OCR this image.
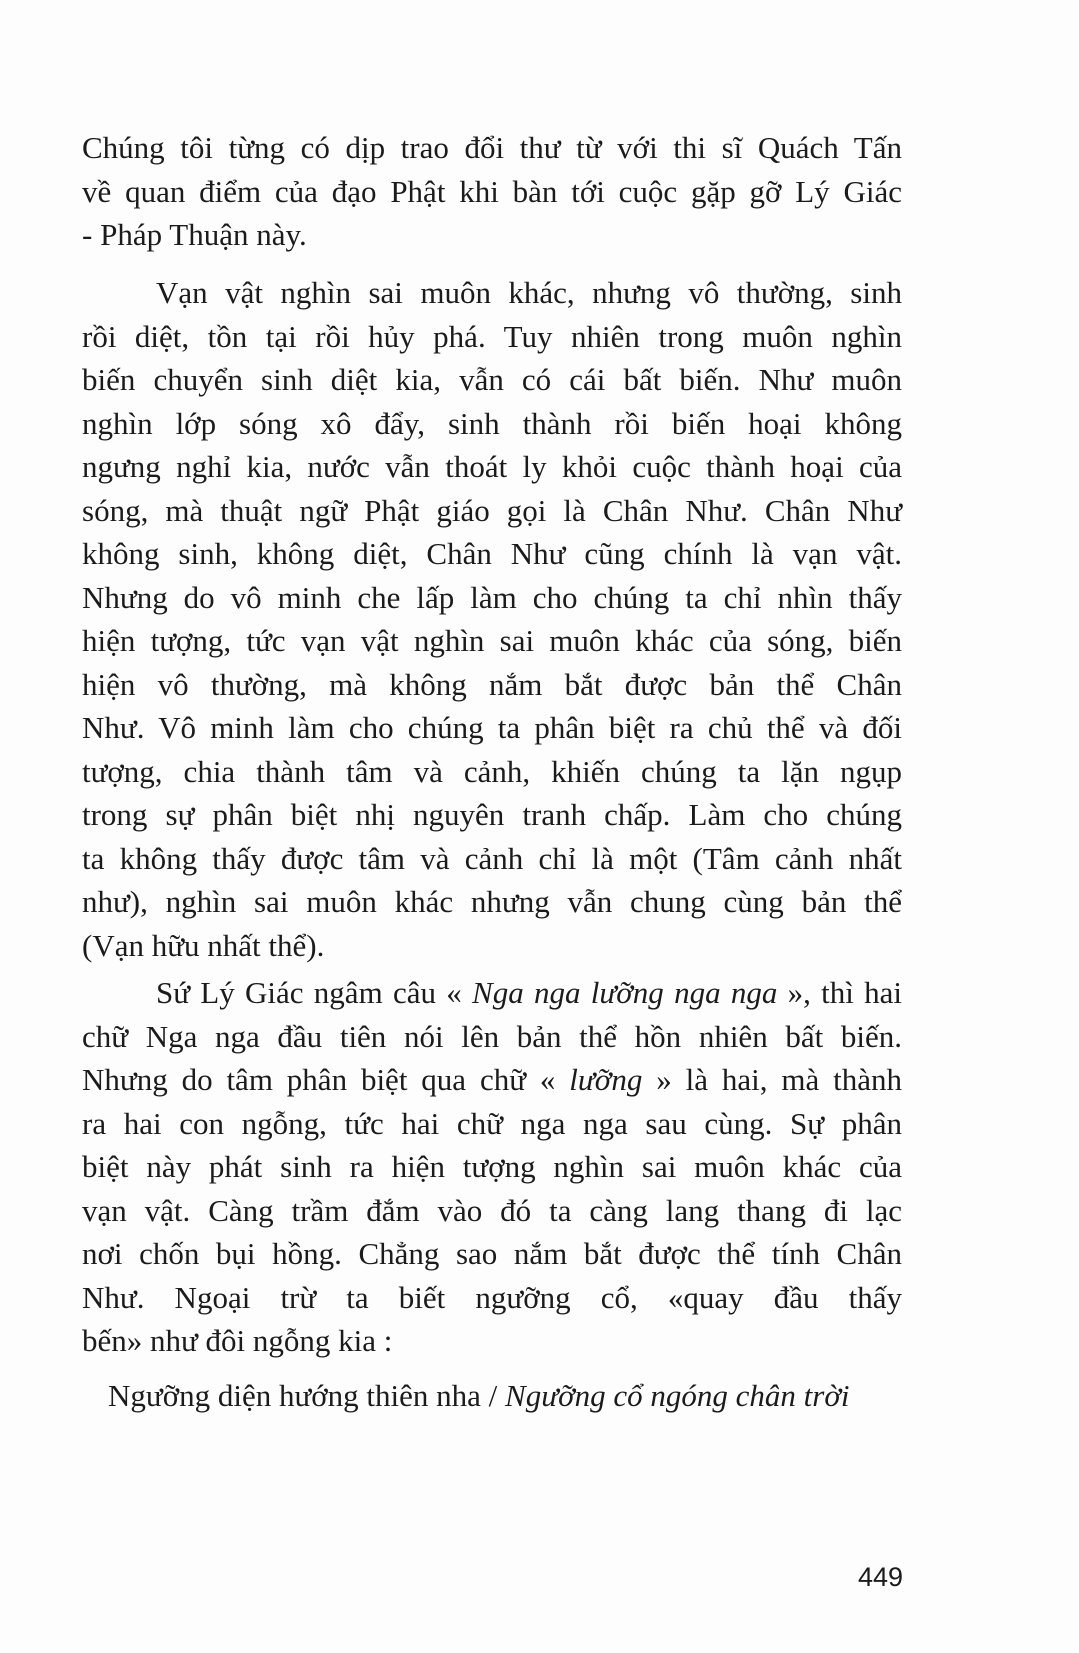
Chúng tôi từng có dịp trao đổi thư từ với thi sĩ Quách Tấn
về quan điểm của đạo Phật khi bàn tới cuộc gặp gỡ Lý Giác
- Pháp Thuận này.
Vạn vật nghìn sai muôn khác, nhưng vô thường, sinh
rồi diệt, tồn tại rồi hủy phá. Tuy nhiên trong muôn nghìn
biến chuyển sinh diệt kia, vẫn có cái bất biến. Như muôn
nghìn lớp sóng xô đẩy, sinh thành rồi biến hoại không
ngưng nghỉ kia, nước vẫn thoát ly khỏi cuộc thành hoại của
sóng, mà thuật ngữ Phật giáo gọi là Chân Như. Chân Như
không sinh, không diệt, Chân Như cũng chính là vạn vật.
Nhưng do vô minh che lấp làm cho chúng ta chỉ nhìn thấy
hiện tượng, tức vạn vật nghìn sai muôn khác của sóng, biến
hiện vô thường, mà không nắm bắt được bản thể Chân
Như. Vô minh làm cho chúng ta phân biệt ra chủ thể và đối
tượng, chia thành tâm và cảnh, khiến chúng ta lặn ngụp
trong sự phân biệt nhị nguyên tranh chấp. Làm cho chúng
ta không thấy được tâm và cảnh chỉ là một (Tâm cảnh nhất
như), nghìn sai muôn khác nhưng vẫn chung cùng bản thể
(Vạn hữu nhất thể).
Sứ Lý Giác ngâm câu « Nga nga lưỡng nga nga », thì hai
chữ Nga nga đầu tiên nói lên bản thể hồn nhiên bất biến.
Nhưng do tâm phân biệt qua chữ « lưỡng » là hai, mà thành
ra hai con ngỗng, tức hai chữ nga nga sau cùng. Sự phân
biệt này phát sinh ra hiện tượng nghìn sai muôn khác của
vạn vật. Càng trầm đắm vào đó ta càng lang thang đi lạc
nơi chốn bụi hồng. Chẳng sao nắm bắt được thể tính Chân
Như. Ngoại trừ ta biết ngưỡng cổ, «quay đầu thấy
bến» như đôi ngỗng kia :
Ngưỡng diện hướng thiên nha / Ngưỡng cổ ngóng chân trời
449
